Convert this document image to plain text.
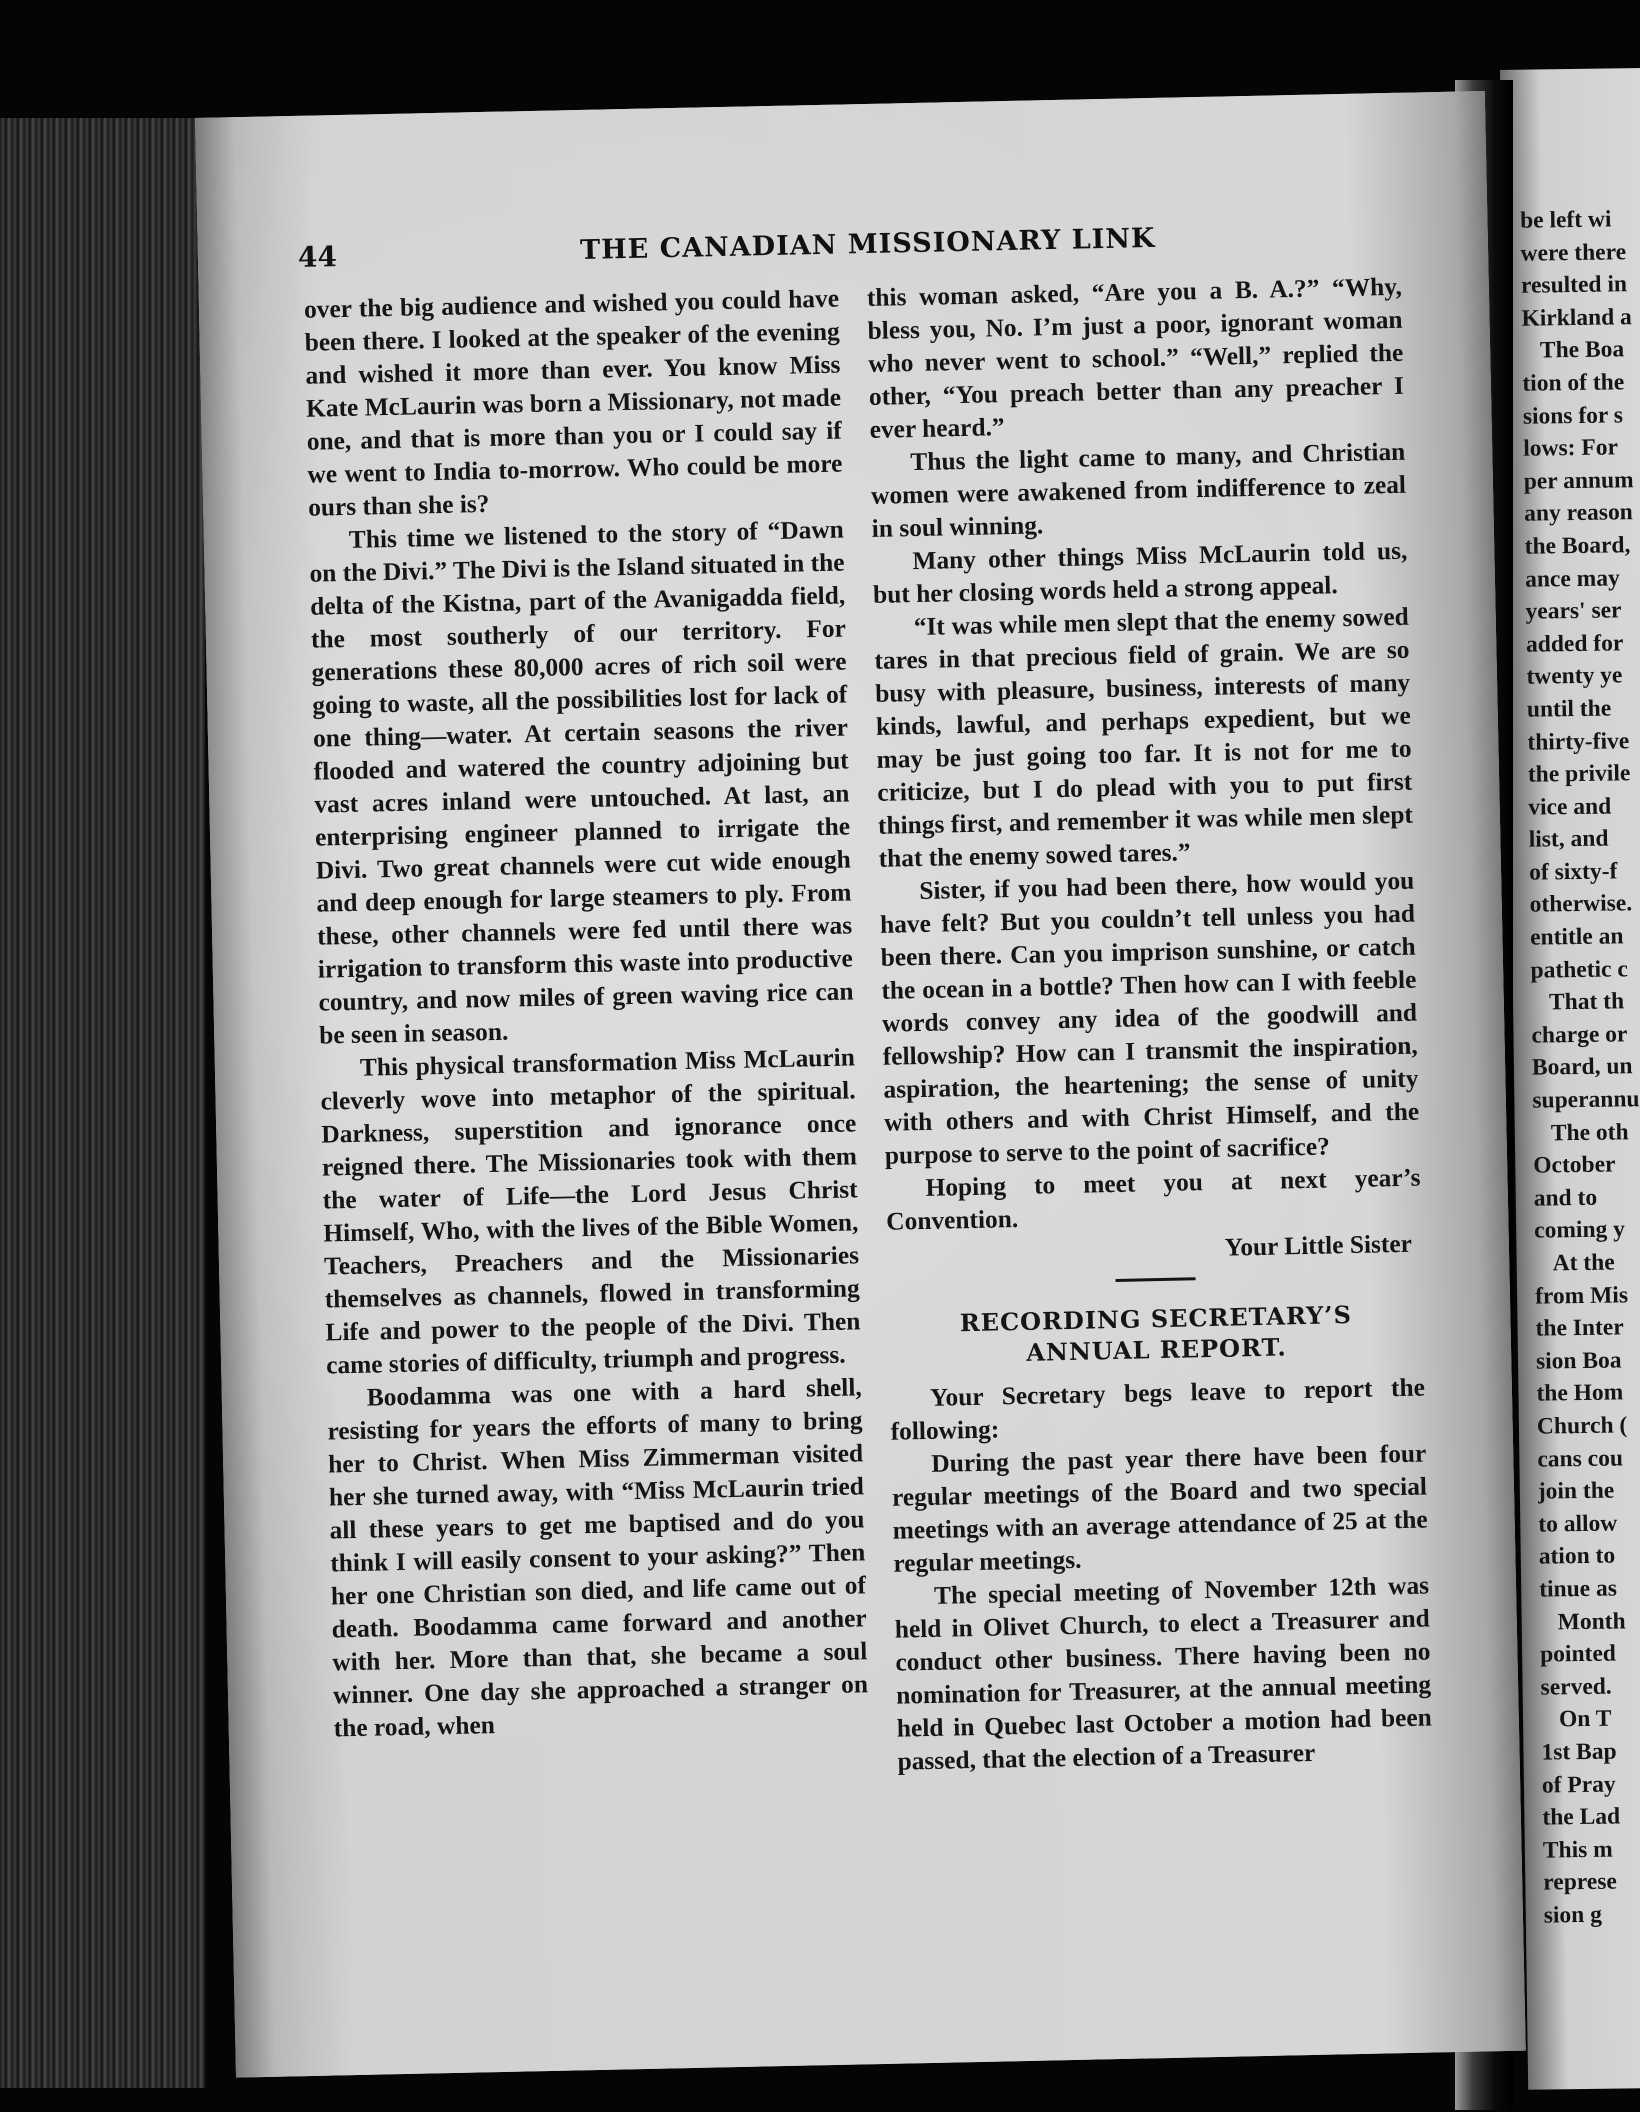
be left wi
were there
resulted in
Kirkland a
The Boa
tion of the
sions for s
lows: For
per annum
any reason
the Board,
ance may
years' ser
added for
twenty ye
until the
thirty-five
the privile
vice and
list, and
of sixty-f
otherwise.
entitle an
pathetic c
That th
charge or
Board, un
superannu
The oth
October
and to
coming y
At the
from Mis
the Inter
sion Boa
the Hom
Church (
cans cou
join the
to allow
ation to
tinue as
Month
pointed
served.
On T
1st Bap
of Pray
the Lad
This m
represe
sion g
44	THE CANADIAN MISSIONARY LINK

over the big audience and wished you could have been there. I looked at the speaker of the evening and wished it more than ever. You know Miss Kate McLaurin was born a Missionary, not made one, and that is more than you or I could say if we went to India to-morrow. Who could be more ours than she is?

This time we listened to the story of “Dawn on the Divi.” The Divi is the Island situated in the delta of the Kistna, part of the Avanigadda field, the most southerly of our territory. For generations these 80,000 acres of rich soil were going to waste, all the possibilities lost for lack of one thing—water. At certain seasons the river flooded and watered the country adjoining but vast acres inland were untouched. At last, an enterprising engineer planned to irrigate the Divi. Two great channels were cut wide enough and deep enough for large steamers to ply. From these, other channels were fed until there was irrigation to transform this waste into productive country, and now miles of green waving rice can be seen in season.

This physical transformation Miss McLaurin cleverly wove into metaphor of the spiritual. Darkness, superstition and ignorance once reigned there. The Missionaries took with them the water of Life—the Lord Jesus Christ Himself, Who, with the lives of the Bible Women, Teachers, Preachers and the Missionaries themselves as channels, flowed in transforming Life and power to the people of the Divi. Then came stories of difficulty, triumph and progress.

Boodamma was one with a hard shell, resisting for years the efforts of many to bring her to Christ. When Miss Zimmerman visited her she turned away, with “Miss McLaurin tried all these years to get me baptised and do you think I will easily consent to your asking?” Then her one Christian son died, and life came out of death. Boodamma came forward and another with her. More than that, she became a soul winner. One day she approached a stranger on the road, when

this woman asked, “Are you a B. A.?” “Why, bless you, No. I’m just a poor, ignorant woman who never went to school.” “Well,” replied the other, “You preach better than any preacher I ever heard.”

Thus the light came to many, and Christian women were awakened from indifference to zeal in soul winning.

Many other things Miss McLaurin told us, but her closing words held a strong appeal.

“It was while men slept that the enemy sowed tares in that precious field of grain. We are so busy with pleasure, business, interests of many kinds, lawful, and perhaps expedient, but we may be just going too far. It is not for me to criticize, but I do plead with you to put first things first, and remember it was while men slept that the enemy sowed tares.”

Sister, if you had been there, how would you have felt? But you couldn’t tell unless you had been there. Can you imprison sunshine, or catch the ocean in a bottle? Then how can I with feeble words convey any idea of the goodwill and fellowship? How can I transmit the inspiration, aspiration, the heartening; the sense of unity with others and with Christ Himself, and the purpose to serve to the point of sacrifice?

Hoping to meet you at next year’s Convention.

Your Little Sister

RECORDING SECRETARY’S
ANNUAL REPORT.

Your Secretary begs leave to report the following:

During the past year there have been four regular meetings of the Board and two special meetings with an average attendance of 25 at the regular meetings.

The special meeting of November 12th was held in Olivet Church, to elect a Treasurer and conduct other business. There having been no nomination for Treasurer, at the annual meeting held in Quebec last October a motion had been passed, that the election of a Treasurer
